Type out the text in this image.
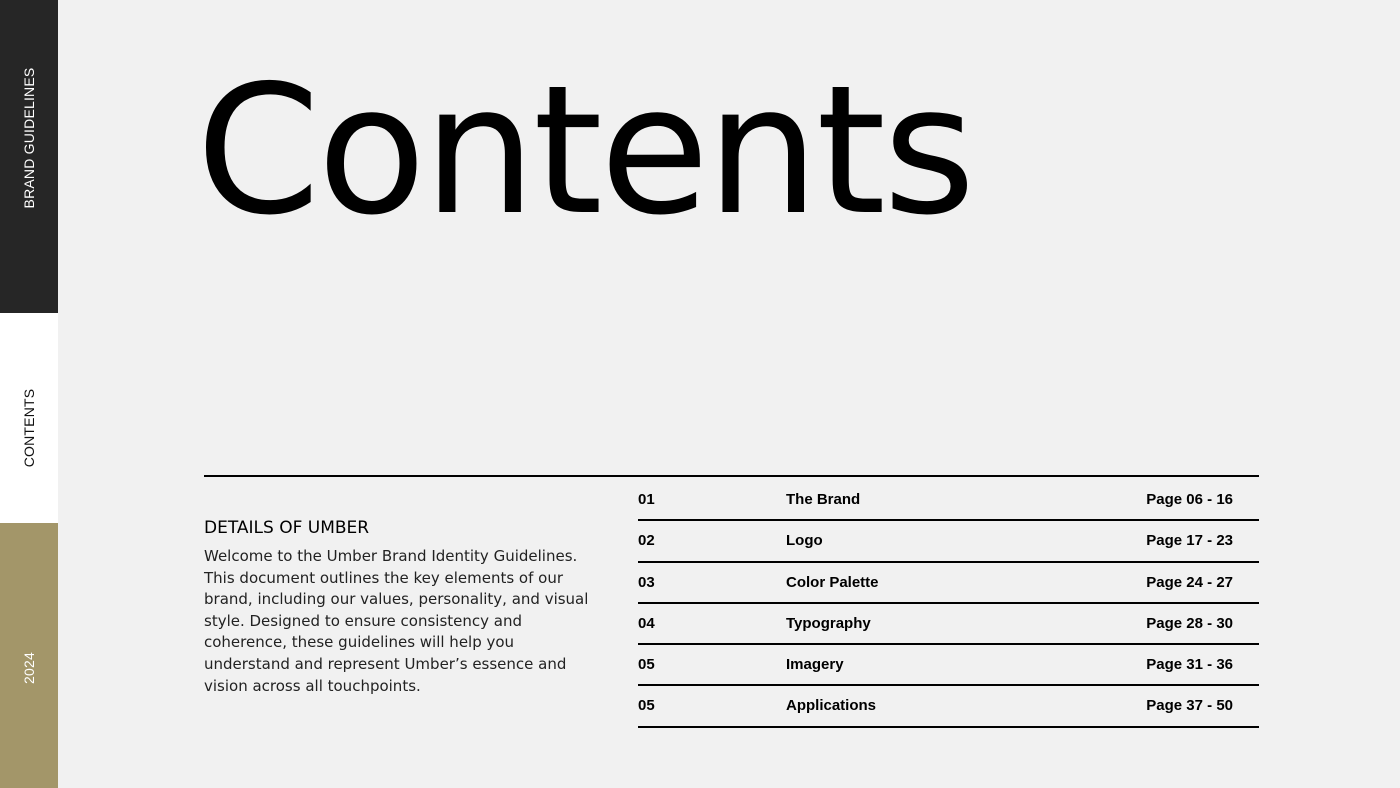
BRAND GUIDELINES
CONTENTS
2024
Contents
DETAILS OF UMBER

Welcome to the Umber Brand Identity Guidelines. This document outlines the key elements of our brand, including our values, personality, and visual style. Designed to ensure consistency and coherence, these guidelines will help you understand and represent Umber’s essence and vision across all touchpoints.

01	The Brand	Page 06 - 16
02	Logo	Page 17 - 23
03	Color Palette	Page 24 - 27
04	Typography	Page 28 - 30
05	Imagery	Page 31 - 36
05	Applications	Page 37 - 50
